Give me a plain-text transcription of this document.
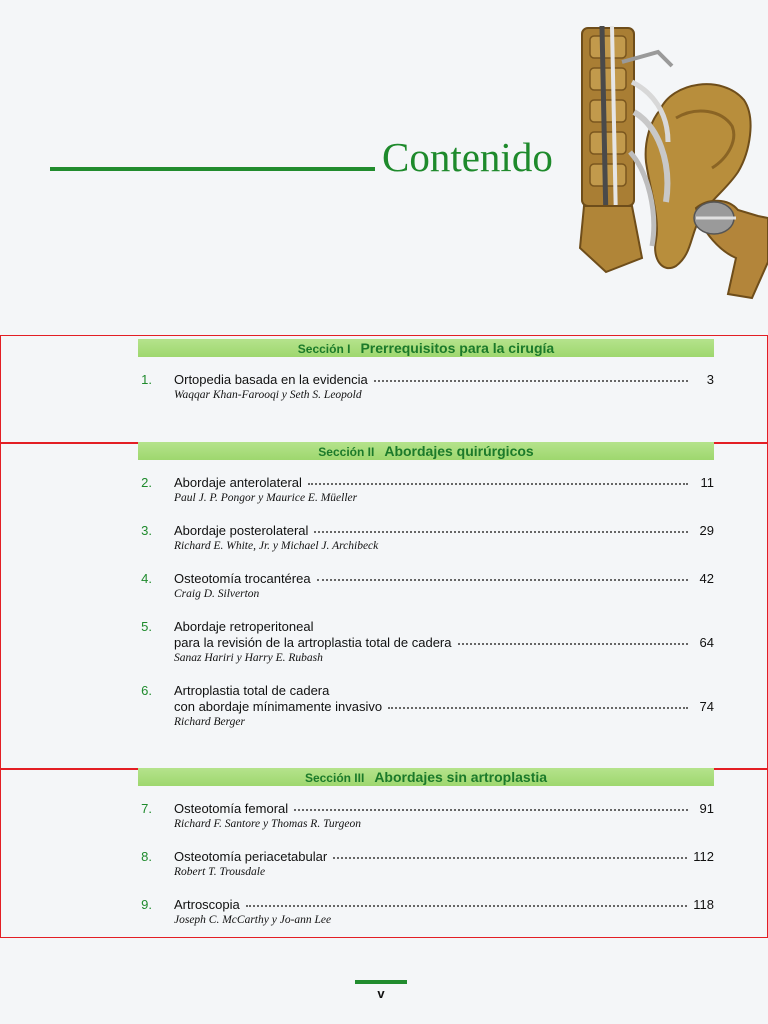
Contenido
Sección I Prerrequisitos para la cirugía
1. Ortopedia basada en la evidencia	3
Waqqar Khan-Farooqi y Seth S. Leopold
Sección II Abordajes quirúrgicos
2. Abordaje anterolateral	11
Paul J. P. Pongor y Maurice E. Müeller
3. Abordaje posterolateral	29
Richard E. White, Jr. y Michael J. Archibeck
4. Osteotomía trocantérea	42
Craig D. Silverton
5. Abordaje retroperitoneal
para la revisión de la artroplastia total de cadera	64
Sanaz Hariri y Harry E. Rubash
6. Artroplastia total de cadera
con abordaje mínimamente invasivo	74
Richard Berger
Sección III Abordajes sin artroplastia
7. Osteotomía femoral	91
Richard F. Santore y Thomas R. Turgeon
8. Osteotomía periacetabular	112
Robert T. Trousdale
9. Artroscopia	118
Joseph C. McCarthy y Jo-ann Lee
v
